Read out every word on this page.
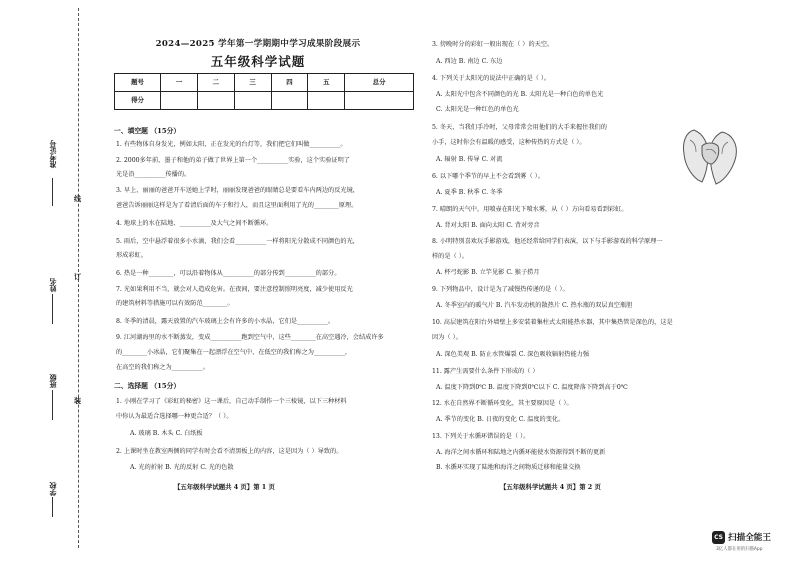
准考证号
姓名
班级
学校
线
订
装
2024—2025 学年第一学期期中学习成果阶段展示
五年级科学试题
题号	一	二	三	四	五	总分
得分						
一、填空题 （15分）
1. 有些物体自身发光，例如太阳，正在发光的台灯等，我们把它们叫做__________。
2. 2000多年前，墨子和他的弟子做了世界上第一个__________实验，这个实验证明了
光是沿__________传播的。
3. 早上，丽丽的爸爸开车送她上学时，丽丽发现爸爸的眼睛总是要看车内两边的反光镜，
爸爸告诉丽丽这样是为了看清后面的车子和行人，而且这里面利用了光的________原理。
4. 地球上的水在陆地、__________及大气之间不断循环。
5. 雨后，空中悬浮着很多小水滴，我们会看__________一样将阳光分散成不同颜色的光，
形成彩虹。
6. 热是一种________，可以沿着物体从__________的部分传到__________的部分。
7. 光如果利用不当，就会对人造成危害。在夜间，要注意控制照明亮度，减少使用反光
的建筑材料等措施可以有效防范________。
8. 冬季的清晨，露天放置的汽车玻璃上会有许多的小水晶，它们是__________。
9. 江河湖海里的水不断蒸发，变成__________跑到空气中，这些________在高空遇冷，会结成许多
的________小冰晶，它们聚集在一起漂浮在空气中，在低空的我们称之为__________，
在高空的我们称之为__________。
二、选择题 （15分）
1. 小刚在学习了《彩虹的秘密》这一课后，自己动手制作一个三棱镜，以下三种材料
中你认为最适合选择哪一种更合适？（ ）。
A. 玻璃 B. 木头 C. 白纸板
2. 上课时坐在教室两侧的同学有时会看不清黑板上的内容，这是因为（ ）导致的。
A. 光的折射 B. 光的反射 C. 光的色散
【五年级科学试题共 4 页】第 1 页
3. 傍晚时分的彩虹一般出现在（ ）的天空。
A. 西边 B. 南边 C. 东边
4. 下列关于太阳光的说法中正确的是（ ）。
A. 太阳光中包含不同颜色的光 B. 太阳光是一种白色的单色光
C. 太阳光是一种红色的单色光
5. 冬天，当我们手冷时，父母常常会用他们的大手来握住我们的
小手，这时你会有温暖的感受，这种传热的方式是（ ）。
A. 辐射 B. 传导 C. 对流
6. 以下哪个季节的早上不会看到雾（ ）。
A. 夏季 B. 秋季 C. 冬季
7. 晴朗的天气中，用喷壶在阳光下喷水雾，从（ ）方向看易看到彩虹。
A. 背对太阳 B. 面向太阳 C. 背对旁音
8. 小明特别喜欢玩手影游戏，他还经常给同学们表演，以下与手影游戏的科学原理一
样的是（ ）。
A. 杯弓蛇影 B. 立竿见影 C. 猴子捞月
9. 下列物品中，设计是为了减慢热传递的是（ ）。
A. 冬季室内的暖气片 B. 汽车发动机的散热片 C. 热水瓶的双层真空瓶胆
10. 高层建筑在阳台外墙壁上多安装着集柱式太阳能热水器，其中集热管是深色的，这是
因为（ ）。
A. 深色美观 B. 防止水管爆裂 C. 深色吸收辐射热能力强
11. 露产生需要什么条件下形成的（ ）
A. 温度下降到0℃ B. 温度下降到0℃以下 C. 温度降落下降到高于0℃
12. 水在自然界不断循环变化，其主要原因是（ ）。
A. 季节的变化 B. 日夜的变化 C. 温度的变化。
13. 下列关于水循环错误的是（ ）。
A. 海洋之间水循环和陆地之内循环能使水资源得到不断的更新
B. 水循环实现了陆地和海洋之间物质迁移和能量交换
【五年级科学试题共 4 页】第 2 页
CS 扫描全能王
3亿人都在用的扫描App
